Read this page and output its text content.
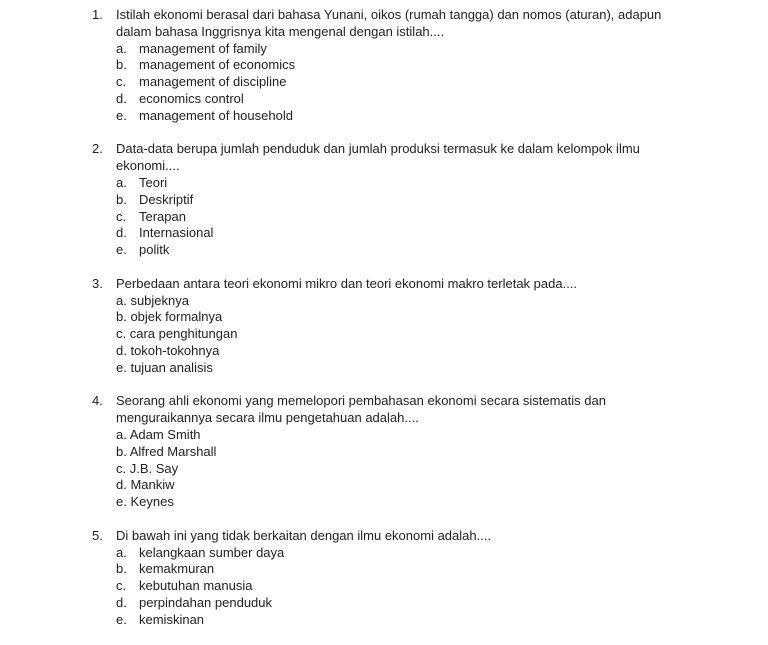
1.	Istilah ekonomi berasal dari bahasa Yunani, oikos (rumah tangga) dan nomos (aturan), adapun dalam bahasa Inggrisnya kita mengenal dengan istilah....
a. management of family
b. management of economics
c. management of discipline
d. economics control
e. management of household
2.	Data-data berupa jumlah penduduk dan jumlah produksi termasuk ke dalam kelompok ilmu ekonomi....
a. Teori
b. Deskriptif
c. Terapan
d. Internasional
e. politk
3.	Perbedaan antara teori ekonomi mikro dan teori ekonomi makro terletak pada....
a. subjeknya
b. objek formalnya
c. cara penghitungan
d. tokoh-tokohnya
e. tujuan analisis
4.	Seorang ahli ekonomi yang memelopori pembahasan ekonomi secara sistematis dan menguraikannya secara ilmu pengetahuan adalah....
a. Adam Smith
b. Alfred Marshall
c. J.B. Say
d. Mankiw
e. Keynes
5.	Di bawah ini yang tidak berkaitan dengan ilmu ekonomi adalah....
a. kelangkaan sumber daya
b. kemakmuran
c. kebutuhan manusia
d. perpindahan penduduk
e. kemiskinan
